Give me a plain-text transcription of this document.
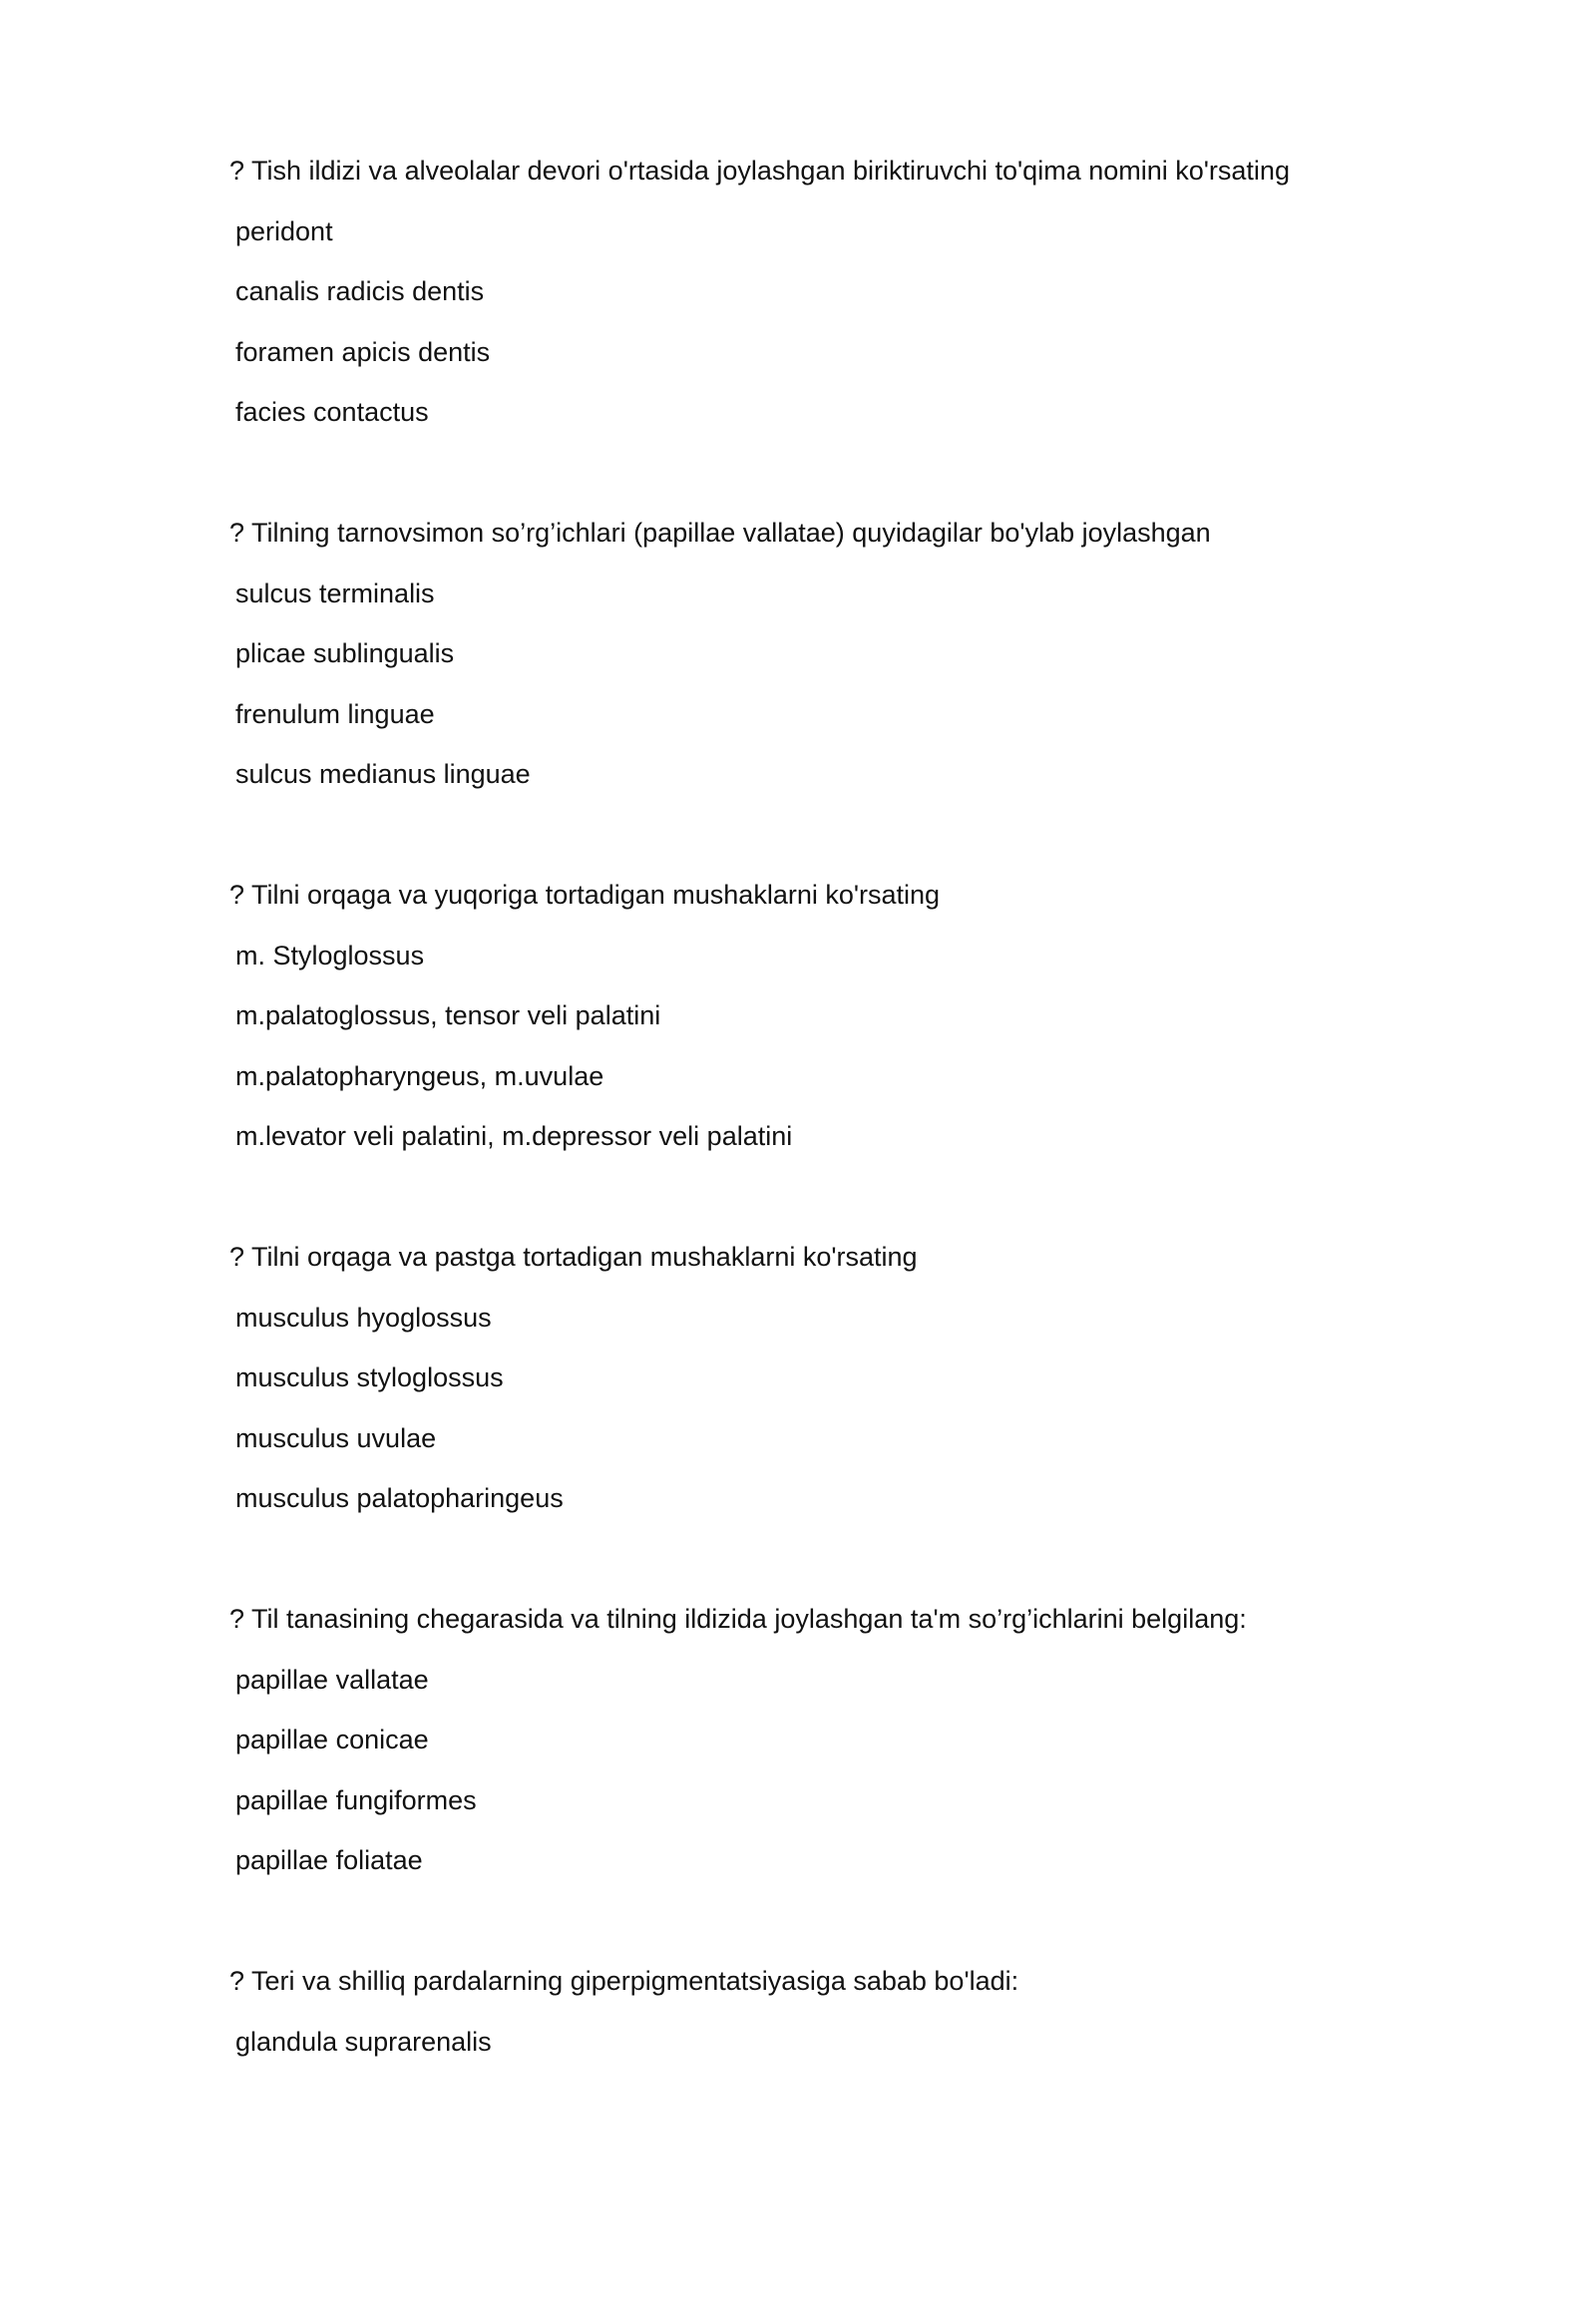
? Tish ildizi va alveolalar devori o'rtasida joylashgan biriktiruvchi to'qima nomini ko'rsating

peridont

canalis radicis dentis

foramen apicis dentis

facies contactus

? Tilning tarnovsimon so’rg’ichlari (papillae vallatae) quyidagilar bo'ylab joylashgan

sulcus terminalis

plicae sublingualis

frenulum linguae

sulcus medianus linguae

? Tilni orqaga va yuqoriga tortadigan mushaklarni ko'rsating

m. Styloglossus

m.palatoglossus, tensor veli palatini

m.palatopharyngeus, m.uvulae

m.levator veli palatini, m.depressor veli palatini

? Tilni orqaga va pastga tortadigan mushaklarni ko'rsating

musculus hyoglossus

musculus styloglossus

musculus uvulae

musculus palatopharingeus

? Til tanasining chegarasida va tilning ildizida joylashgan ta'm so’rg’ichlarini belgilang:

papillae vallatae

papillae conicae

papillae fungiformes

papillae foliatae

? Teri va shilliq pardalarning giperpigmentatsiyasiga sabab bo'ladi:

glandula suprarenalis
